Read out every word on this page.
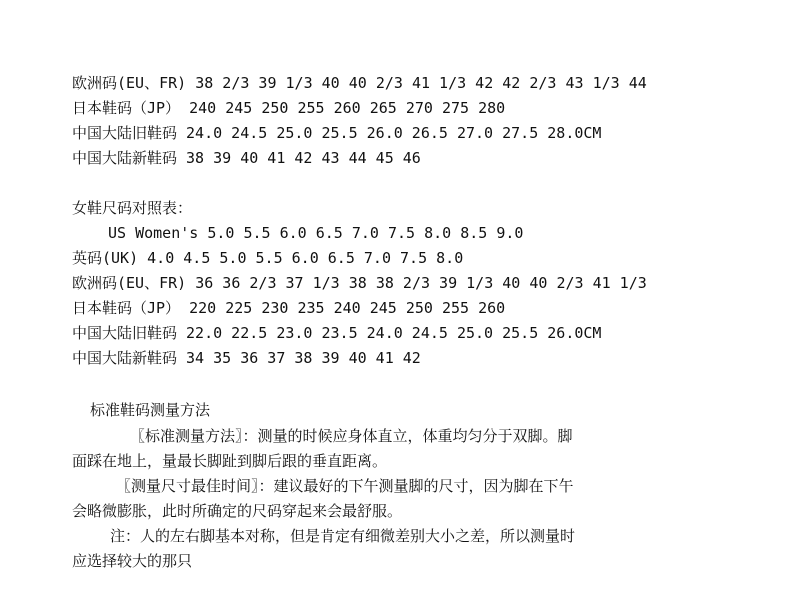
欧洲码(EU、FR) 38 2/3 39 1/3 40 40 2/3 41 1/3 42 42 2/3 43 1/3 44
日本鞋码（JP） 240 245 250 255 260 265 270 275 280
中国大陆旧鞋码 24.0 24.5 25.0 25.5 26.0 26.5 27.0 27.5 28.0CM
中国大陆新鞋码 38 39 40 41 42 43 44 45 46
女鞋尺码对照表：
US Women's 5.0 5.5 6.0 6.5 7.0 7.5 8.0 8.5 9.0
英码(UK) 4.0 4.5 5.0 5.5 6.0 6.5 7.0 7.5 8.0
欧洲码(EU、FR) 36 36 2/3 37 1/3 38 38 2/3 39 1/3 40 40 2/3 41 1/3
日本鞋码（JP） 220 225 230 235 240 245 250 255 260
中国大陆旧鞋码 22.0 22.5 23.0 23.5 24.0 24.5 25.0 25.5 26.0CM
中国大陆新鞋码 34 35 36 37 38 39 40 41 42
标准鞋码测量方法
〖标准测量方法〗：测量的时候应身体直立，体重均匀分于双脚。脚
面踩在地上，量最长脚趾到脚后跟的垂直距离。
〖测量尺寸最佳时间〗：建议最好的下午测量脚的尺寸，因为脚在下午
会略微膨胀，此时所确定的尺码穿起来会最舒服。
注：人的左右脚基本对称，但是肯定有细微差别大小之差，所以测量时
应选择较大的那只
